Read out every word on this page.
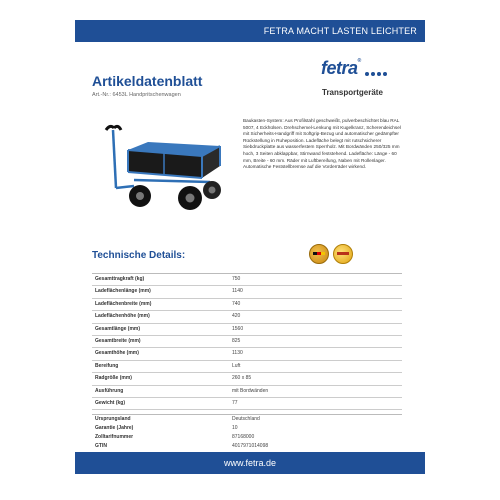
FETRA MACHT LASTEN LEICHTER
Artikeldatenblatt
Art.-Nr.: 6453L Handpritschenwagen
fetra®
Transportgeräte
Baukasten-System: Aus Profilstahl geschweißt, pulverbeschichtet blau RAL 5007, 4 Eckhülsen. Drehschemel-Lenkung mit Kugelkranz, Scherendeichsel mit Sicherheits-Handgriff mit Softgrip-Bezug und automatischer gedämpfter Rückstellung in Ruheposition. Ladefläche belegt mit rutschsicherer Siebdruckplatte aus wasserfestem Sperrholz. Mit Bordwänden 250/325 mm hoch, 3 Seiten abklappbar, Stirnwand feststehend. Ladefläche: Länge - 60 mm, Breite - 60 mm. Räder mit Luftbereifung, Naben mit Rollenlager. Automatische Feststellbremse auf die Vorderräder wirkend.
Technische Details:
Gesamttragkraft (kg)	750
Ladeflächenlänge (mm)	1140
Ladeflächenbreite (mm)	740
Ladeflächenhöhe (mm)	420
Gesamtlänge (mm)	1560
Gesamtbreite (mm)	825
Gesamthöhe (mm)	1130
Bereifung	Luft
Radgröße (mm)	260 x 85
Ausführung	mit Bordwänden
Gewicht (kg)	77
Ursprungsland	Deutschland
Garantie (Jahre)	10
Zolltarifnummer	87168000
GTIN	4017971014098
www.fetra.de
